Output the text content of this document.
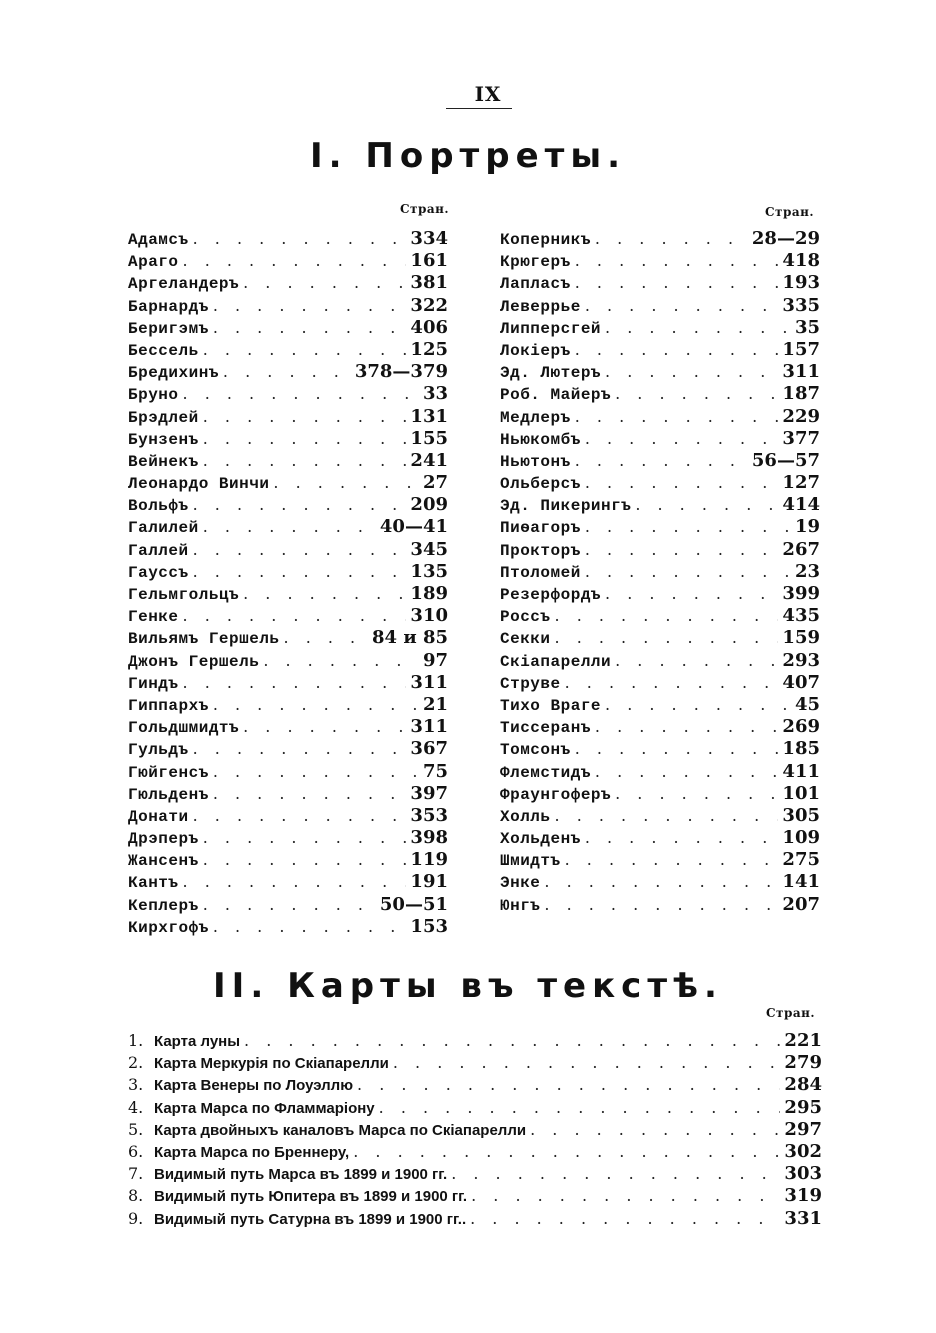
IX
I. Портреты.
Стран.	Стран.
Адамсъ . . .	334
Араго . . .	161
Аргеландеръ . . .	381
Барнардъ . . .	322
Беригэмъ . . .	406
Бессель . . .	125
Бредихинъ . . .	378—379
Бруно . . .	33
Брэдлей . . .	131
Бунзенъ . . .	155
Вейнекъ . . .	241
Леонардо Винчи . . .	27
Вольфъ . . .	209
Галилей . . .	40—41
Галлей . . .	345
Гауссъ . . .	135
Гельмгольцъ . . .	189
Генке . . .	310
Вильямъ Гершель . . .	84 и 85
Джонъ Гершель . . .	97
Гиндъ . . .	311
Гиппархъ . . .	21
Гольдшмидтъ . . .	311
Гульдъ . . .	367
Гюйгенсъ . . .	75
Гюльденъ . . .	397
Донати . . .	353
Дрэперъ . . .	398
Жансенъ . . .	119
Кантъ . . .	191
Кеплеръ . . .	50—51
Кирхгофъ . . .	153
Коперникъ . . .	28—29
Крюгеръ . . .	418
Лапласъ . . .	193
Леверрье . . .	335
Липперсгей . . .	35
Локіеръ . . .	157
Эд. Лютеръ . . .	311
Роб. Майеръ . . .	187
Медлеръ . . .	229
Ньюкомбъ . . .	377
Ньютонъ . . .	56—57
Ольберсъ . . .	127
Эд. Пикерингъ . . .	414
Пиѳагоръ . . .	19
Прокторъ . . .	267
Птоломей . . .	23
Резерфордъ . . .	399
Россъ . . .	435
Секки . . .	159
Скіапарелли . . .	293
Струве . . .	407
Тихо Враге . . .	45
Тиссеранъ . . .	269
Томсонъ . . .	185
Флемстидъ . . .	411
Фраунгоферъ . . .	101
Холль . . .	305
Хольденъ . . .	109
Шмидтъ . . .	275
Энке . . .	141
Юнгъ . . .	207
II. Карты въ текстѣ.
Стран.
1. Карта луны . . .	221
2. Карта Меркурія по Скіапарелли . . .	279
3. Карта Венеры по Лоуэллю . . .	284
4. Карта Марса по Фламмаріону . . .	295
5. Карта двойныхъ каналовъ Марса по Скіапарелли . . .	297
6. Карта Марса по Бреннеру, . . .	302
7. Видимый путь Марса въ 1899 и 1900 гг. . . .	303
8. Видимый путь Юпитера въ 1899 и 1900 гг. . . .	319
9. Видимый путь Сатурна въ 1899 и 1900 гг.. . . .	331
